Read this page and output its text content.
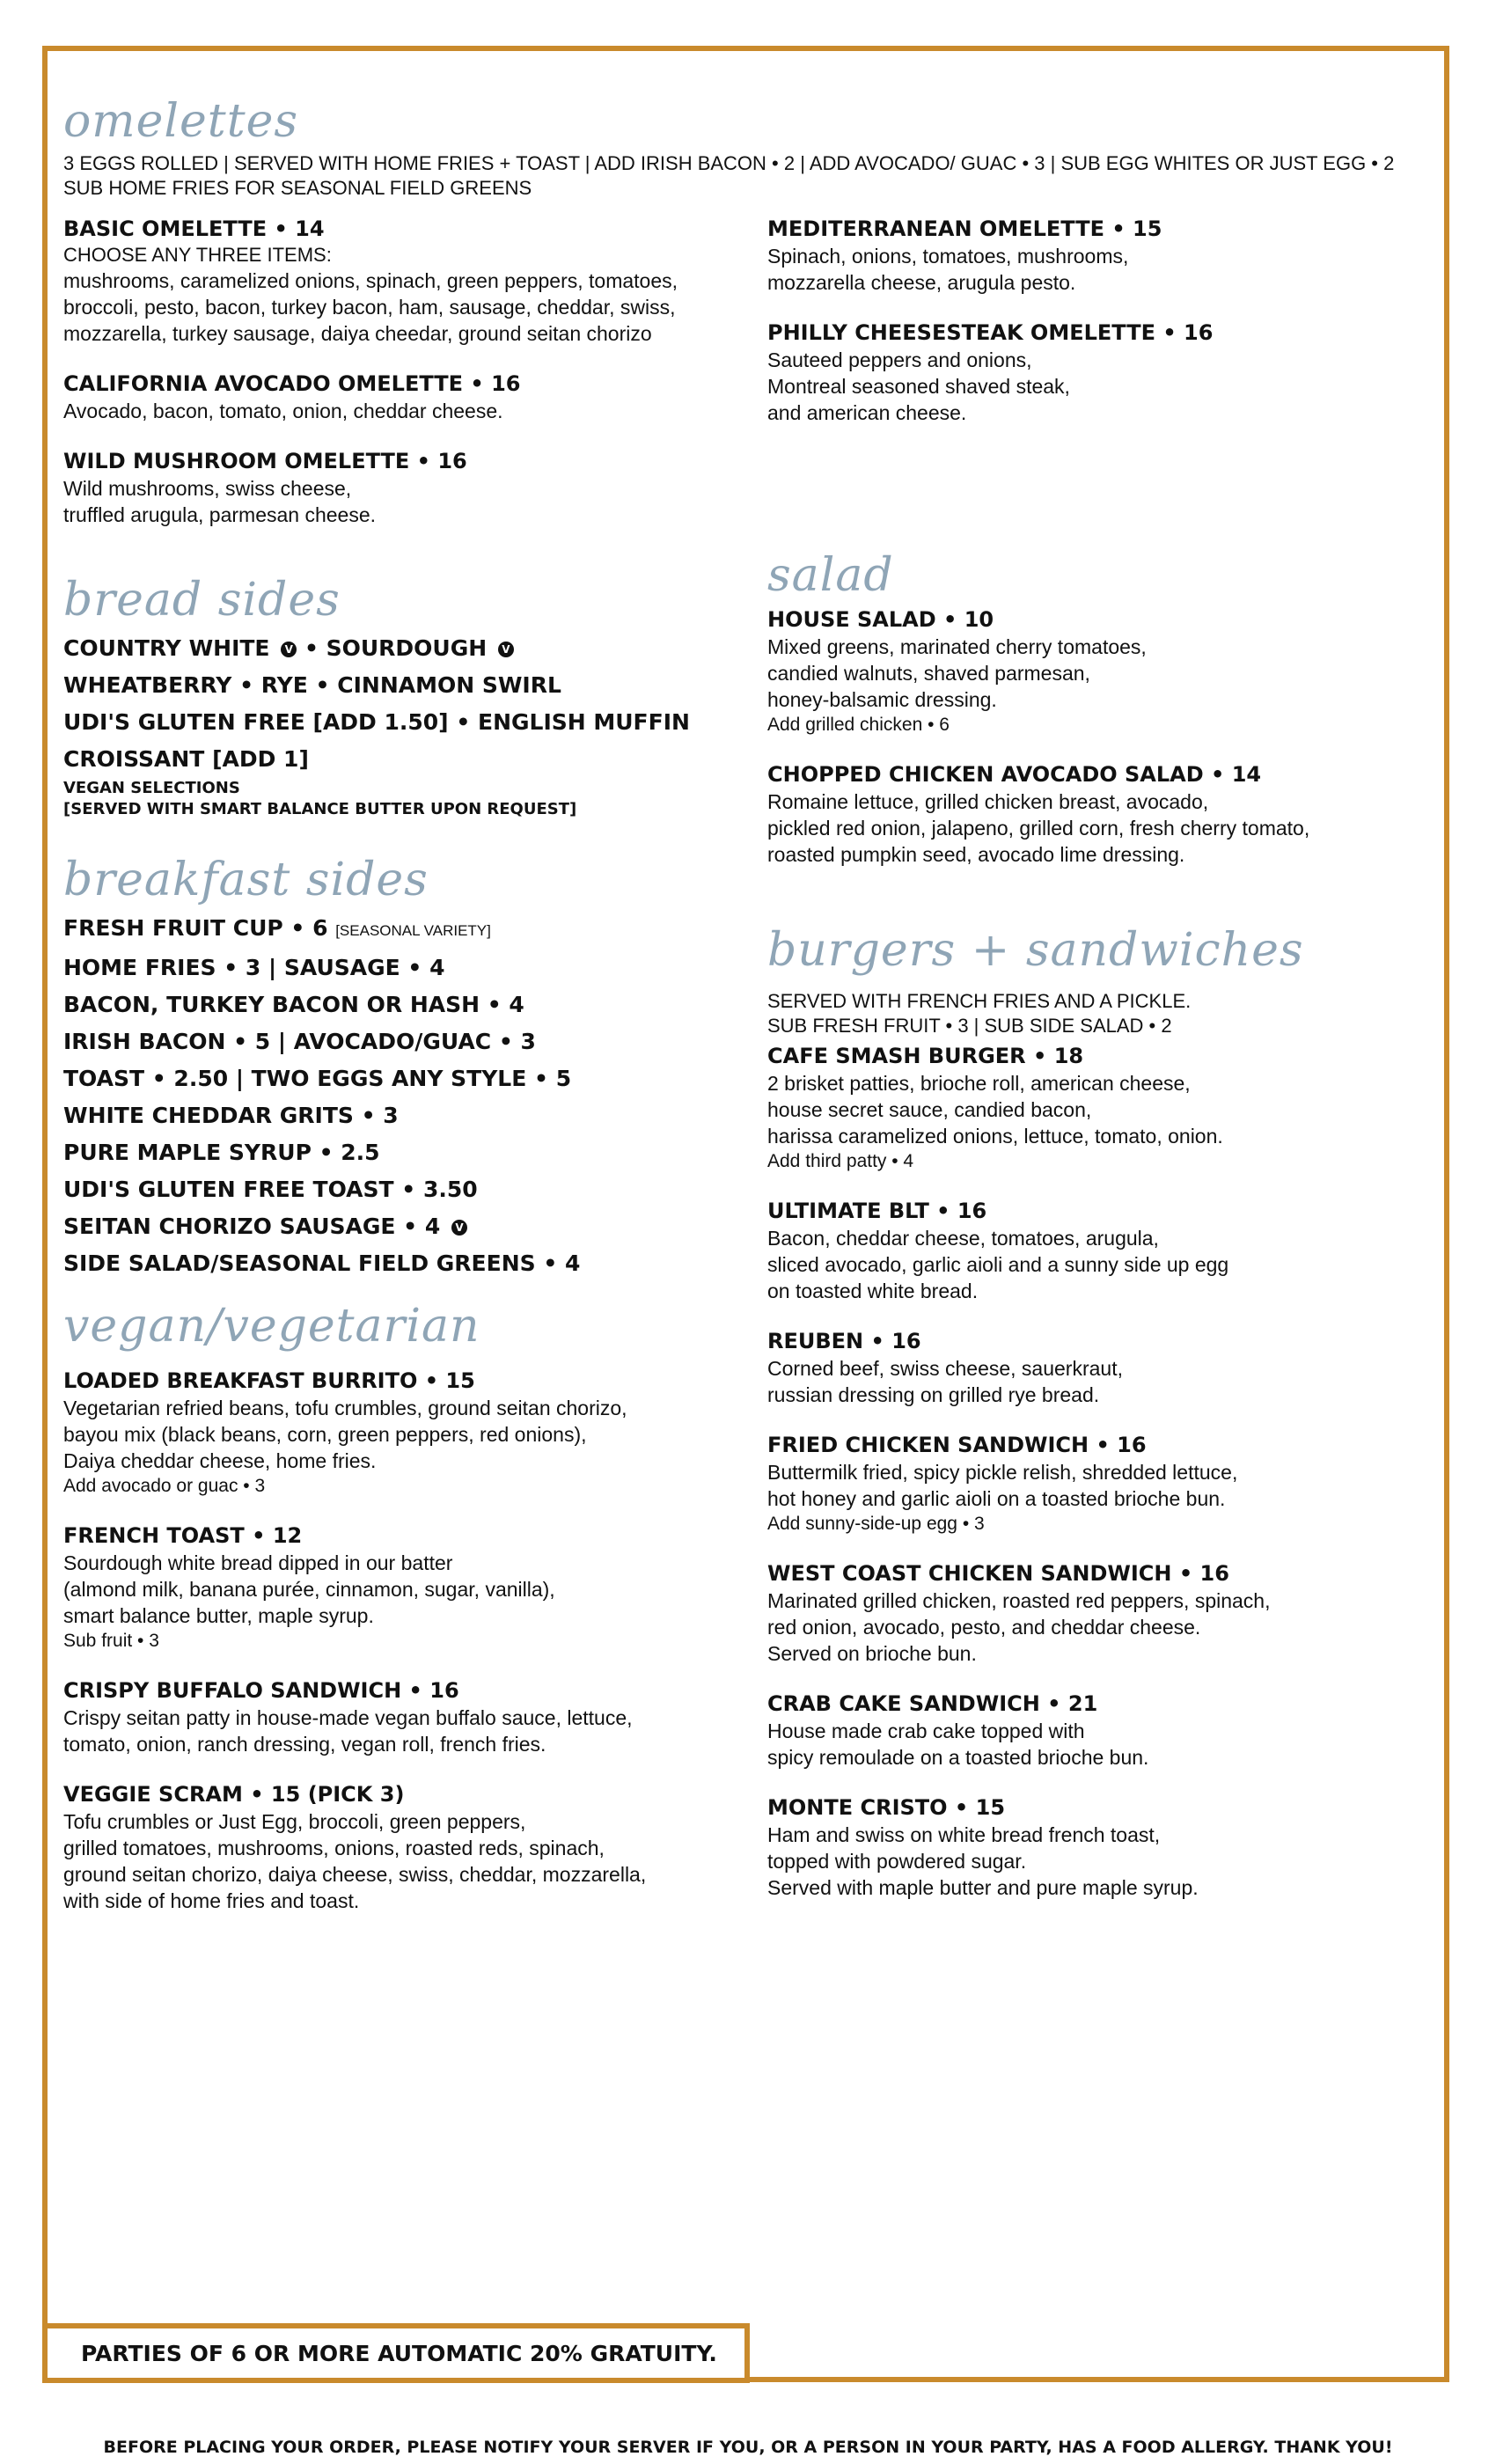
omelettes
3 EGGS ROLLED | SERVED WITH HOME FRIES + TOAST | ADD IRISH BACON • 2 | ADD AVOCADO/ GUAC • 3 | SUB EGG WHITES OR JUST EGG • 2
SUB HOME FRIES FOR SEASONAL FIELD GREENS
BASIC OMELETTE • 14
CHOOSE ANY THREE ITEMS:
mushrooms, caramelized onions, spinach, green peppers, tomatoes,
broccoli, pesto, bacon, turkey bacon, ham, sausage, cheddar, swiss,
mozzarella, turkey sausage, daiya cheedar, ground seitan chorizo
CALIFORNIA AVOCADO OMELETTE • 16
Avocado, bacon, tomato, onion, cheddar cheese.
WILD MUSHROOM OMELETTE • 16
Wild mushrooms, swiss cheese,
truffled arugula, parmesan cheese.
bread sides
COUNTRY WHITE V • SOURDOUGH V
WHEATBERRY • RYE • CINNAMON SWIRL
UDI'S GLUTEN FREE [ADD 1.50] • ENGLISH MUFFIN
CROISSANT [ADD 1]
VEGAN SELECTIONS
[SERVED WITH SMART BALANCE BUTTER UPON REQUEST]
breakfast sides
FRESH FRUIT CUP • 6 [SEASONAL VARIETY]
HOME FRIES • 3 | SAUSAGE • 4
BACON, TURKEY BACON OR HASH • 4
IRISH BACON • 5 | AVOCADO/GUAC • 3
TOAST • 2.50 | TWO EGGS ANY STYLE • 5
WHITE CHEDDAR GRITS • 3
PURE MAPLE SYRUP • 2.5
UDI'S GLUTEN FREE TOAST • 3.50
SEITAN CHORIZO SAUSAGE • 4 V
SIDE SALAD/SEASONAL FIELD GREENS • 4
vegan/vegetarian
LOADED BREAKFAST BURRITO • 15
Vegetarian refried beans, tofu crumbles, ground seitan chorizo,
bayou mix (black beans, corn, green peppers, red onions),
Daiya cheddar cheese, home fries.
Add avocado or guac • 3
FRENCH TOAST • 12
Sourdough white bread dipped in our batter
(almond milk, banana purée, cinnamon, sugar, vanilla),
smart balance butter, maple syrup.
Sub fruit • 3
CRISPY BUFFALO SANDWICH • 16
Crispy seitan patty in house-made vegan buffalo sauce, lettuce,
tomato, onion, ranch dressing, vegan roll, french fries.
VEGGIE SCRAM • 15 (PICK 3)
Tofu crumbles or Just Egg, broccoli, green peppers,
grilled tomatoes, mushrooms, onions, roasted reds, spinach,
ground seitan chorizo, daiya cheese, swiss, cheddar, mozzarella,
with side of home fries and toast.
MEDITERRANEAN OMELETTE • 15
Spinach, onions, tomatoes, mushrooms,
mozzarella cheese, arugula pesto.
PHILLY CHEESESTEAK OMELETTE • 16
Sauteed peppers and onions,
Montreal seasoned shaved steak,
and american cheese.
salad
HOUSE SALAD • 10
Mixed greens, marinated cherry tomatoes,
candied walnuts, shaved parmesan,
honey-balsamic dressing.
Add grilled chicken • 6
CHOPPED CHICKEN AVOCADO SALAD • 14
Romaine lettuce, grilled chicken breast, avocado,
pickled red onion, jalapeno, grilled corn, fresh cherry tomato,
roasted pumpkin seed, avocado lime dressing.
burgers + sandwiches
SERVED WITH FRENCH FRIES AND A PICKLE.
SUB FRESH FRUIT • 3 | SUB SIDE SALAD • 2
CAFE SMASH BURGER • 18
2 brisket patties, brioche roll, american cheese,
house secret sauce, candied bacon,
harissa caramelized onions, lettuce, tomato, onion.
Add third patty • 4
ULTIMATE BLT • 16
Bacon, cheddar cheese, tomatoes, arugula,
sliced avocado, garlic aioli and a sunny side up egg
on toasted white bread.
REUBEN • 16
Corned beef, swiss cheese, sauerkraut,
russian dressing on grilled rye bread.
FRIED CHICKEN SANDWICH • 16
Buttermilk fried, spicy pickle relish, shredded lettuce,
hot honey and garlic aioli on a toasted brioche bun.
Add sunny-side-up egg • 3
WEST COAST CHICKEN SANDWICH • 16
Marinated grilled chicken, roasted red peppers, spinach,
red onion, avocado, pesto, and cheddar cheese.
Served on brioche bun.
CRAB CAKE SANDWICH • 21
House made crab cake topped with
spicy remoulade on a toasted brioche bun.
MONTE CRISTO • 15
Ham and swiss on white bread french toast,
topped with powdered sugar.
Served with maple butter and pure maple syrup.
PARTIES OF 6 OR MORE AUTOMATIC 20% GRATUITY.
BEFORE PLACING YOUR ORDER, PLEASE NOTIFY YOUR SERVER IF YOU, OR A PERSON IN YOUR PARTY, HAS A FOOD ALLERGY. THANK YOU!
